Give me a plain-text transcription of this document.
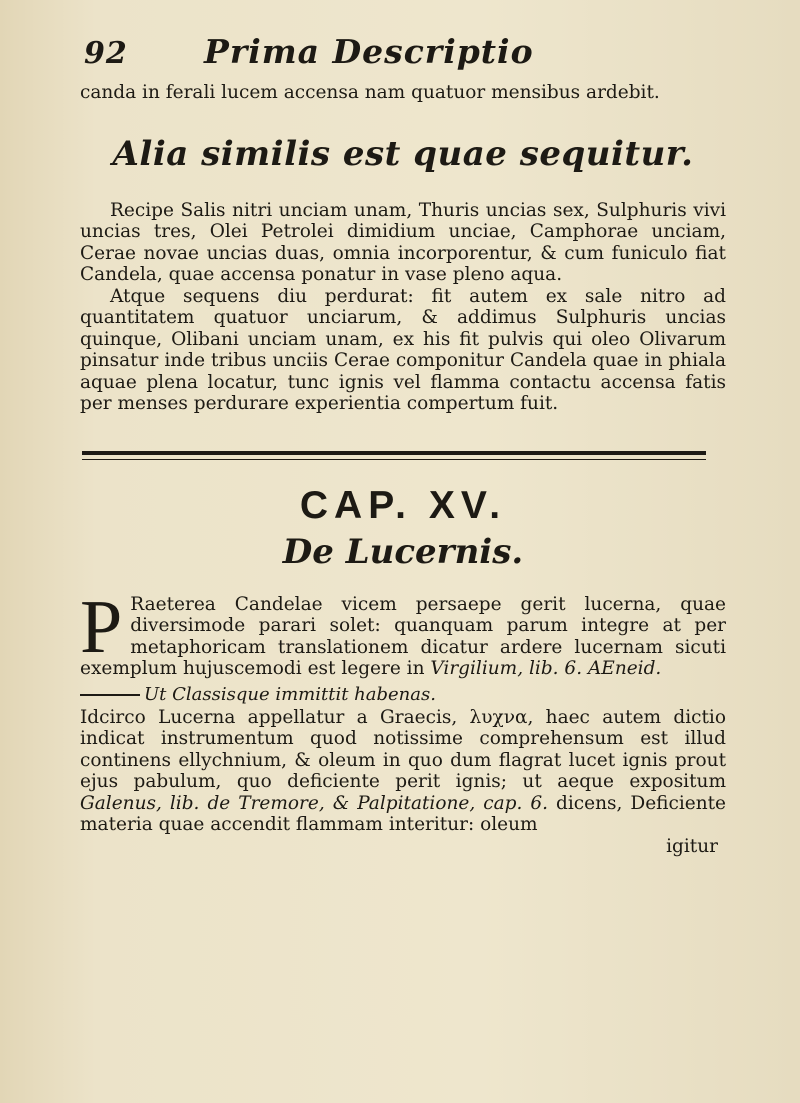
92	Prima Descriptio

canda in ferali lucem accensa nam quatuor mensibus ardebit.

Alia similis est quae sequitur.

Recipe Salis nitri unciam unam, Thuris uncias sex, Sulphuris vivi uncias tres, Olei Petrolei dimidium unciae, Camphorae unciam, Cerae novae uncias duas, omnia incorporentur, & cum funiculo fiat Candela, quae accensa ponatur in vase pleno aqua.

Atque sequens diu perdurat: fit autem ex sale nitro ad quantitatem quatuor unciarum, & addimus Sulphuris uncias quinque, Olibani unciam unam, ex his fit pulvis qui oleo Olivarum pinsatur inde tribus unciis Cerae componitur Candela quae in phiala aquae plena locatur, tunc ignis vel flamma contactu accensa fatis per menses perdurare experientia compertum fuit.

CAP. XV.
De Lucernis.

P Raeterea Candelae vicem persaepe gerit lucerna, quae diversimode parari solet: quanquam parum integre at per metaphoricam translationem dicatur ardere lucernam sicuti exemplum hujuscemodi est legere in Virgilium, lib. 6. AEneid.

Ut Classisque immittit habenas.

Idcirco Lucerna appellatur a Graecis, λυχνα, haec autem dictio indicat instrumentum quod notissime comprehensum est illud continens ellychnium, & oleum in quo dum flagrat lucet ignis prout ejus pabulum, quo deficiente perit ignis; ut aeque expositum Galenus, lib. de Tremore, & Palpitatione, cap. 6. dicens, Deficiente materia quae accendit flammam interitur: oleum

igitur
